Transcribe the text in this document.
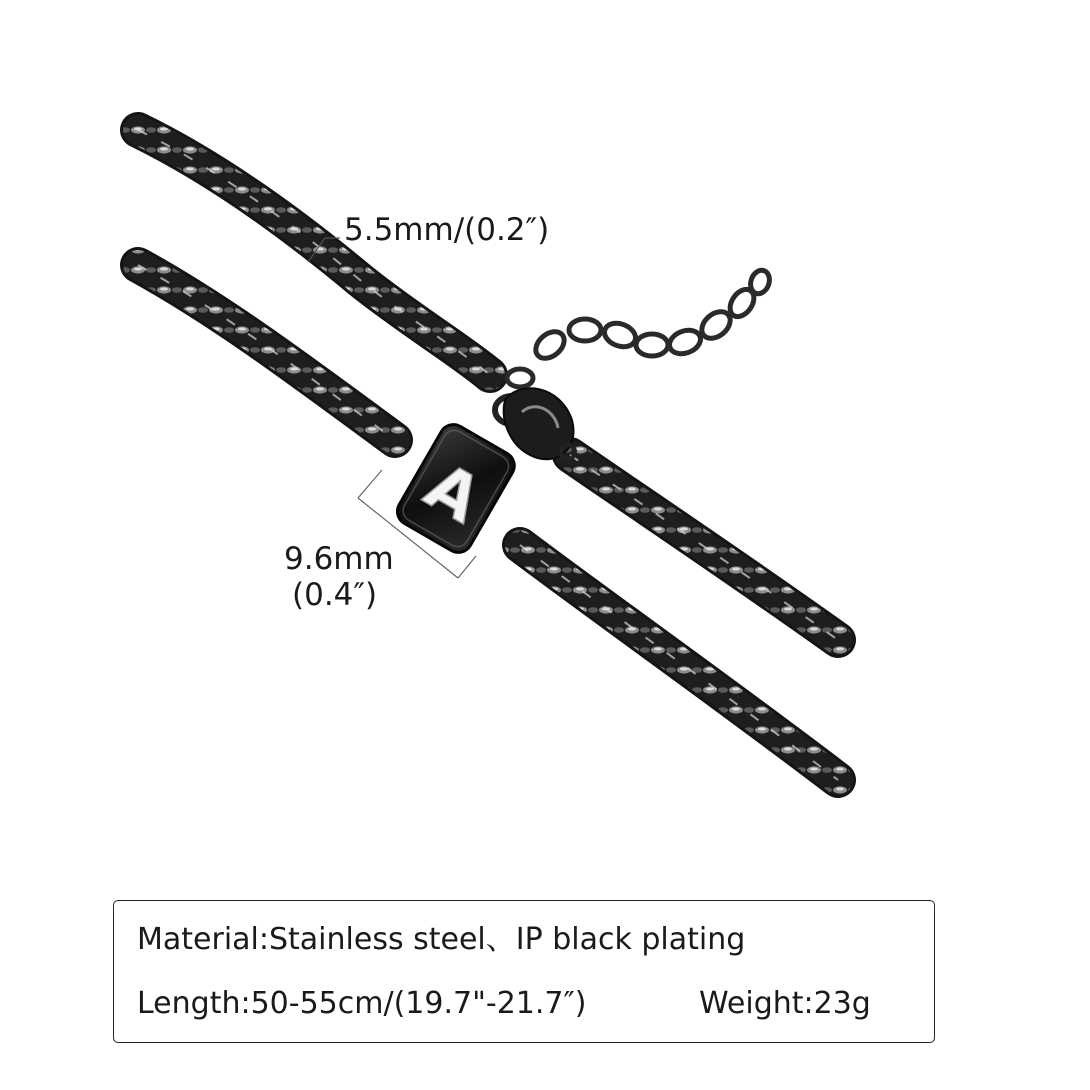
A
5.5mm/(0.2″)
9.6mm
(0.4″)
Material:Stainless steel、IP black plating
Length:50-55cm/(19.7"-21.7″)	Weight:23g
